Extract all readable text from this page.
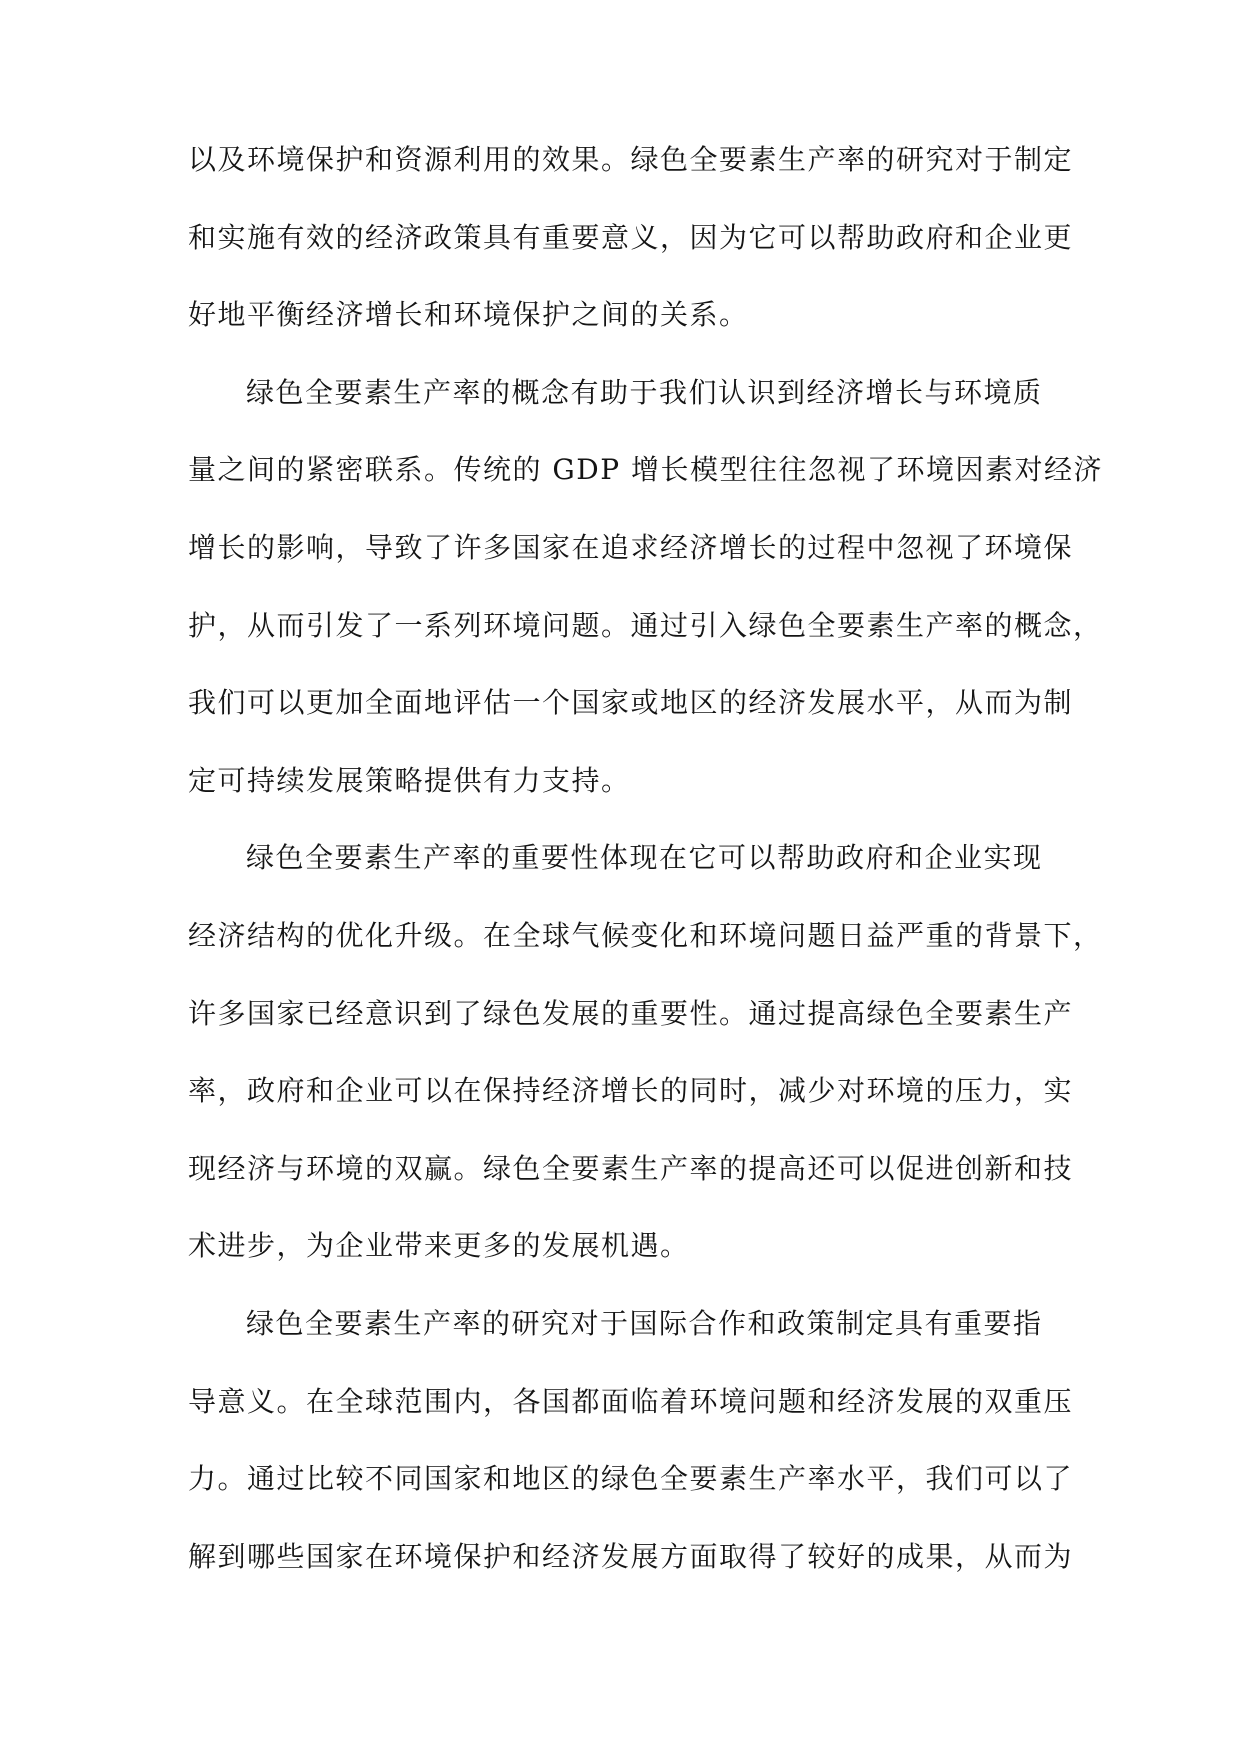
以及环境保护和资源利用的效果。绿色全要素生产率的研究对于制定
和实施有效的经济政策具有重要意义，因为它可以帮助政府和企业更
好地平衡经济增长和环境保护之间的关系。
绿色全要素生产率的概念有助于我们认识到经济增长与环境质
量之间的紧密联系。传统的 GDP 增长模型往往忽视了环境因素对经济
增长的影响，导致了许多国家在追求经济增长的过程中忽视了环境保
护，从而引发了一系列环境问题。通过引入绿色全要素生产率的概念，
我们可以更加全面地评估一个国家或地区的经济发展水平，从而为制
定可持续发展策略提供有力支持。
绿色全要素生产率的重要性体现在它可以帮助政府和企业实现
经济结构的优化升级。在全球气候变化和环境问题日益严重的背景下，
许多国家已经意识到了绿色发展的重要性。通过提高绿色全要素生产
率，政府和企业可以在保持经济增长的同时，减少对环境的压力，实
现经济与环境的双赢。绿色全要素生产率的提高还可以促进创新和技
术进步，为企业带来更多的发展机遇。
绿色全要素生产率的研究对于国际合作和政策制定具有重要指
导意义。在全球范围内，各国都面临着环境问题和经济发展的双重压
力。通过比较不同国家和地区的绿色全要素生产率水平，我们可以了
解到哪些国家在环境保护和经济发展方面取得了较好的成果，从而为
